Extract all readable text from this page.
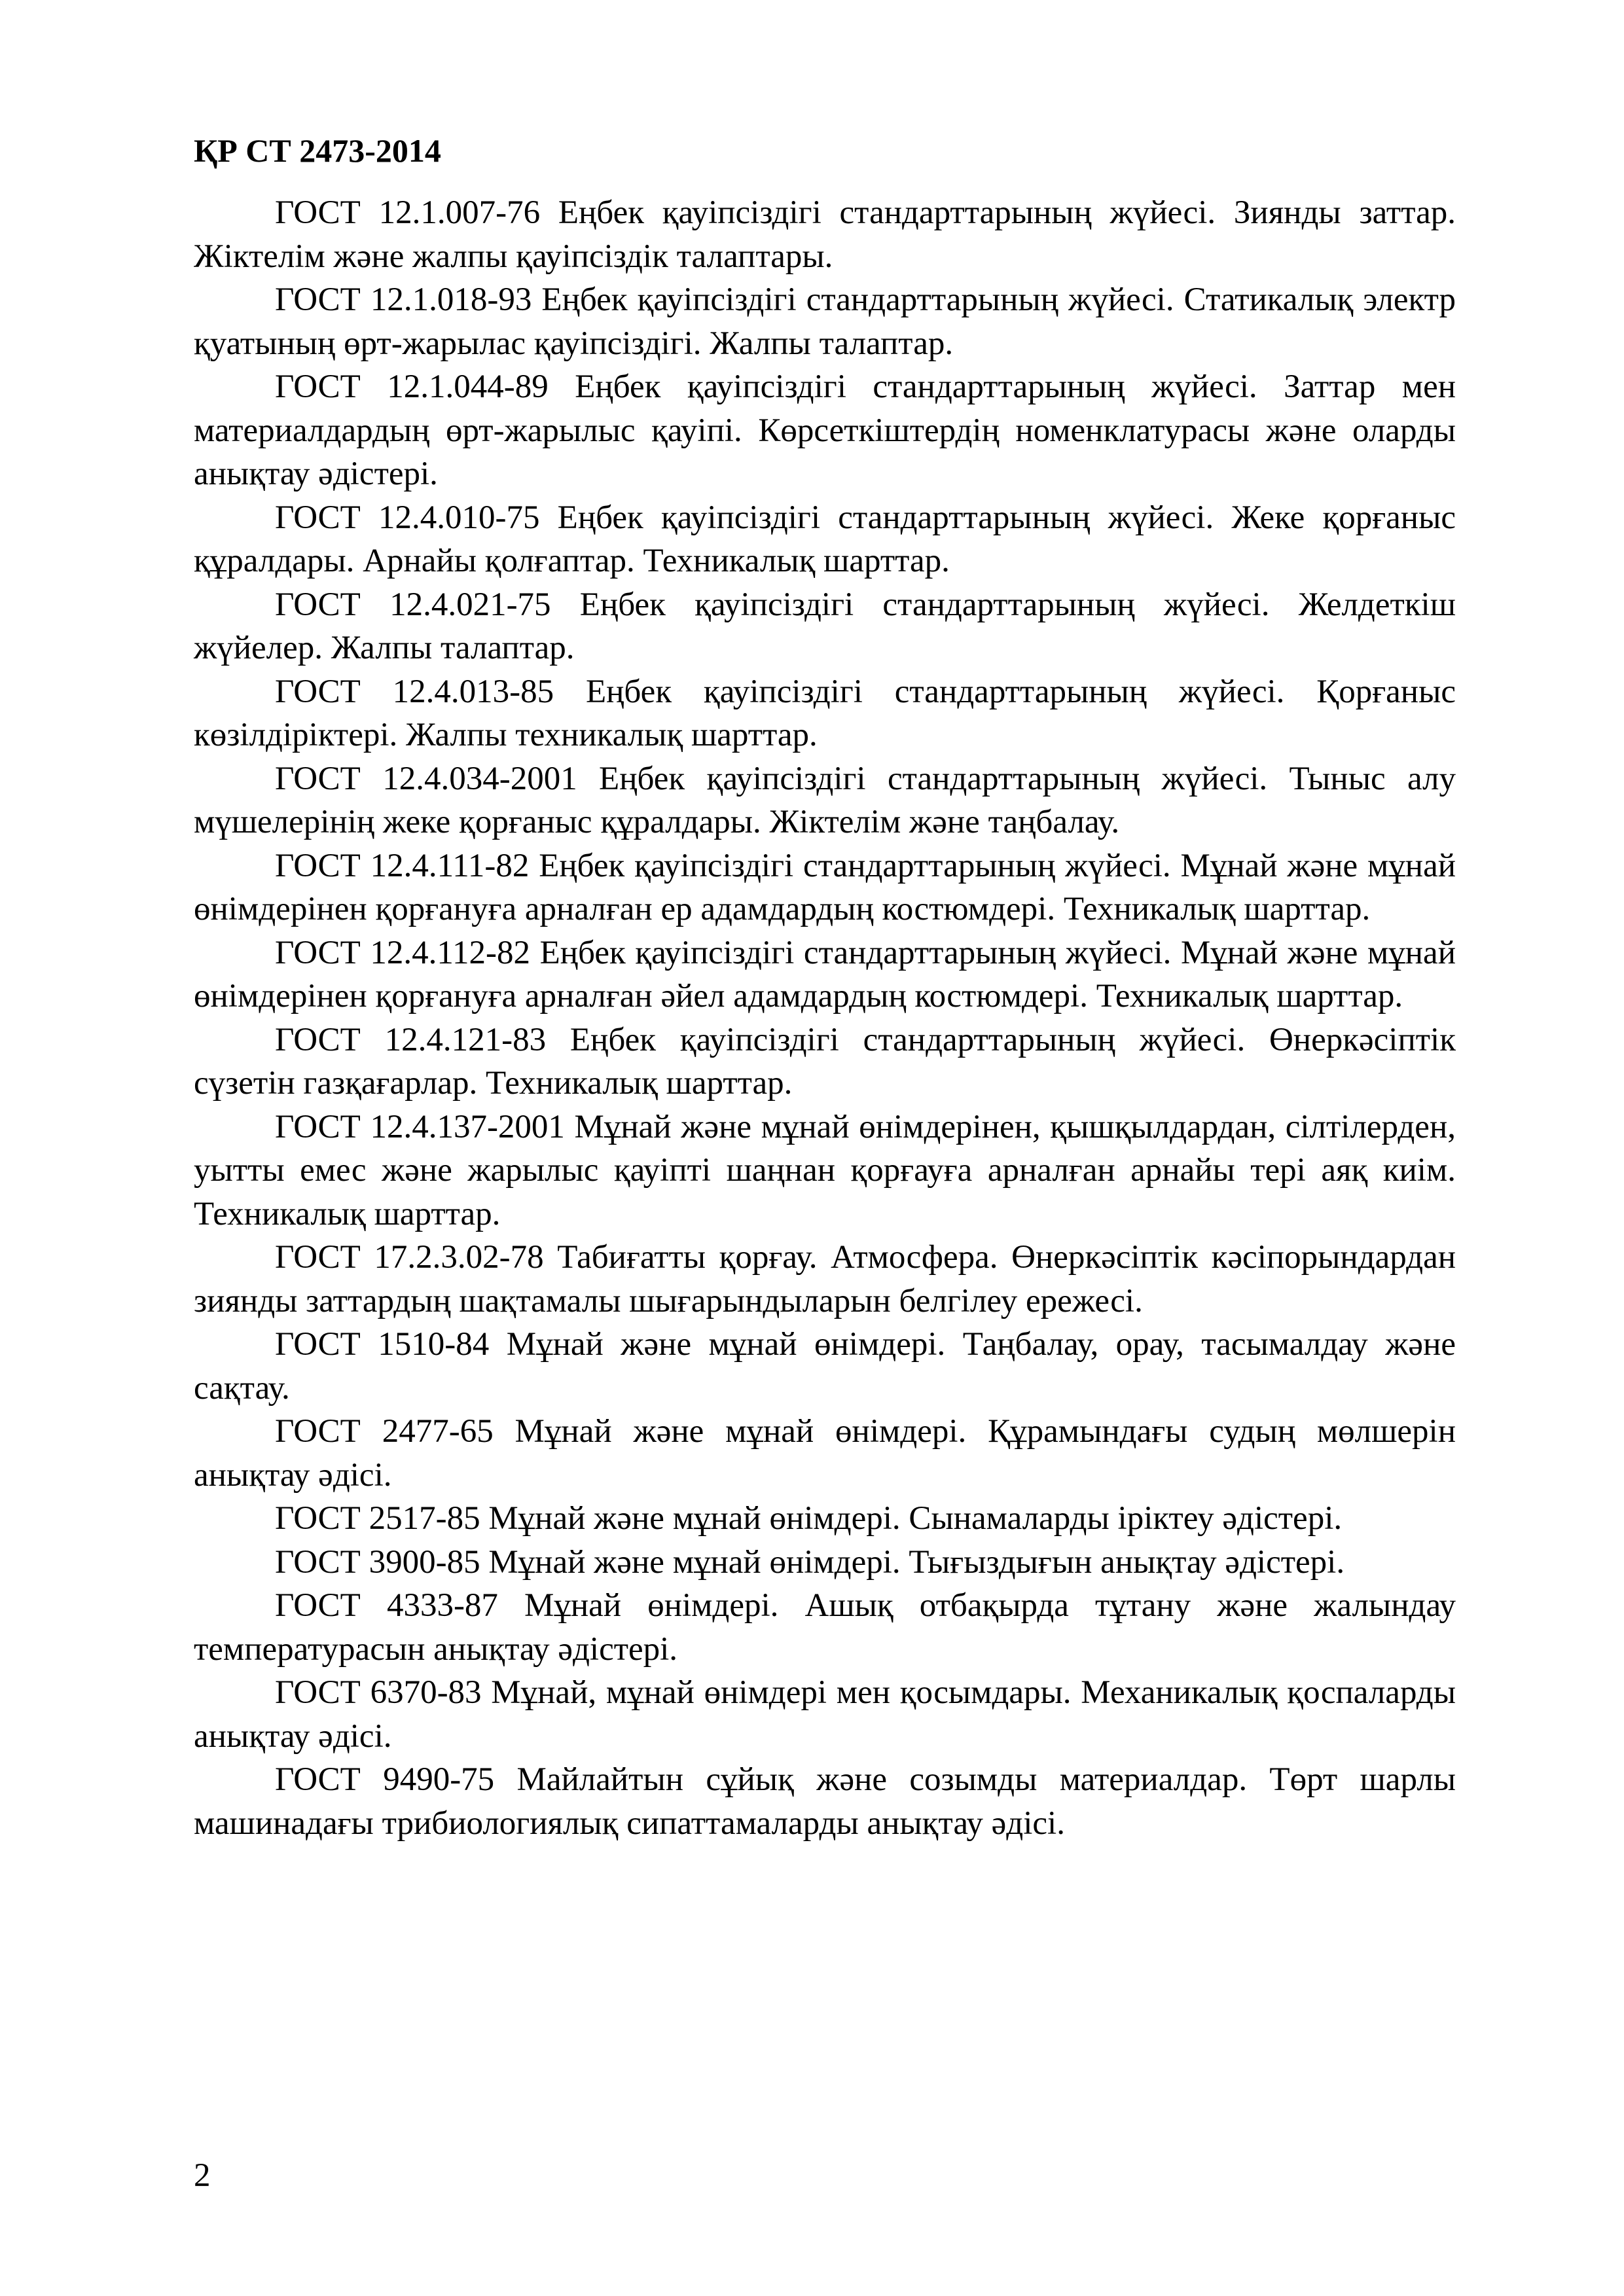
ҚР СТ 2473-2014

ГОСТ 12.1.007-76 Еңбек қауіпсіздігі стандарттарының жүйесі. Зиянды заттар. Жіктелім және жалпы қауіпсіздік талаптары.

ГОСТ 12.1.018-93 Еңбек қауіпсіздігі стандарттарының жүйесі. Статикалық электр қуатының өрт-жарылас қауіпсіздігі. Жалпы талаптар.

ГОСТ 12.1.044-89 Еңбек қауіпсіздігі стандарттарының жүйесі. Заттар мен материалдардың өрт-жарылыс қауіпі. Көрсеткіштердің номенклатурасы және оларды анықтау әдістері.

ГОСТ 12.4.010-75 Еңбек қауіпсіздігі стандарттарының жүйесі. Жеке қорғаныс құралдары. Арнайы қолғаптар. Техникалық шарттар.

ГОСТ 12.4.021-75 Еңбек қауіпсіздігі стандарттарының жүйесі. Желдеткіш жүйелер. Жалпы талаптар.

ГОСТ 12.4.013-85 Еңбек қауіпсіздігі стандарттарының жүйесі. Қорғаныс көзілдіріктері. Жалпы техникалық шарттар.

ГОСТ 12.4.034-2001 Еңбек қауіпсіздігі стандарттарының жүйесі. Тыныс алу мүшелерінің жеке қорғаныс құралдары. Жіктелім және таңбалау.

ГОСТ 12.4.111-82 Еңбек қауіпсіздігі стандарттарының жүйесі. Мұнай және мұнай өнімдерінен қорғануға арналған ер адамдардың костюмдері. Техникалық шарттар.

ГОСТ 12.4.112-82 Еңбек қауіпсіздігі стандарттарының жүйесі. Мұнай және мұнай өнімдерінен қорғануға арналған әйел адамдардың костюмдері. Техникалық шарттар.

ГОСТ 12.4.121-83 Еңбек қауіпсіздігі стандарттарының жүйесі. Өнеркәсіптік сүзетін газқағарлар. Техникалық шарттар.

ГОСТ 12.4.137-2001 Мұнай және мұнай өнімдерінен, қышқылдардан, сілтілерден, уытты емес және жарылыс қауіпті шаңнан қорғауға арналған арнайы тері аяқ киім. Техникалық шарттар.

ГОСТ 17.2.3.02-78 Табиғатты қорғау. Атмосфера. Өнеркәсіптік кәсіпорындардан зиянды заттардың шақтамалы шығарындыларын белгілеу ережесі.

ГОСТ 1510-84 Мұнай және мұнай өнімдері. Таңбалау, орау, тасымалдау және сақтау.

ГОСТ 2477-65 Мұнай және мұнай өнімдері. Құрамындағы судың мөлшерін анықтау әдісі.

ГОСТ 2517-85 Мұнай және мұнай өнімдері. Сынамаларды іріктеу әдістері.

ГОСТ 3900-85 Мұнай және мұнай өнімдері. Тығыздығын анықтау әдістері.

ГОСТ 4333-87 Мұнай өнімдері. Ашық отбақырда тұтану және жалындау температурасын анықтау әдістері.

ГОСТ 6370-83 Мұнай, мұнай өнімдері мен қосымдары. Механикалық қоспаларды анықтау әдісі.

ГОСТ 9490-75 Майлайтын сұйық және созымды материалдар. Төрт шарлы машинадағы трибиологиялық сипаттамаларды анықтау әдісі.

2
